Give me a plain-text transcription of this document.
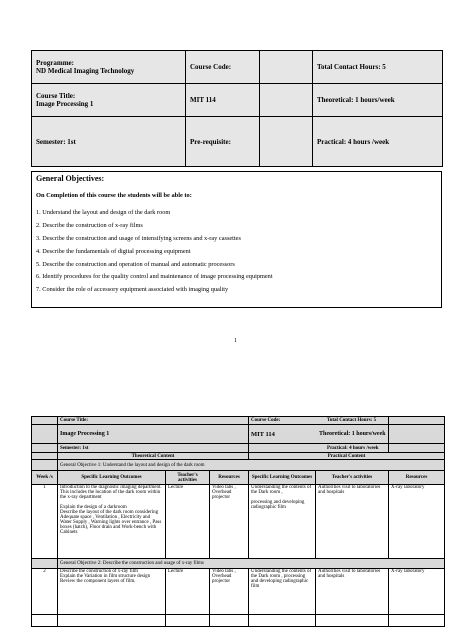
Programme:
ND Medical Imaging Technology	Course Code:		Total Contact Hours: 5

Course Title:
Image Processing 1	MIT 114		Theoretical: 1 hours/week
Semester: 1st	Pre-requisite:		Practical: 4 hours /week
General Objectives:
On Completion of this course the students will be able to:
1. Understand the layout and design of the dark room
2. Describe the construction of x-ray films
3. Describe the construction and usage of intensifying screens and x-ray cassettes
4. Describe the fundamentals of digital processing equipment
5. Describe the construction and operation of manual and automatic processors
6. Identify procedures for the quality control and maintenance of image processing equipment
7. Consider the role of accessory equipment associated with imaging quality
1
	Course Title:			Course Code:		Total Contact Hours: 5
	Image Processing 1			MIT 114		Theoretical: 1 hours/week
	Semester: 1st					Practical: 4 hours /week
	Theoretical Content			Practical Content		
	General Objective 1: Understand the layout and design of the dark room					
Week /s	Specific Learning Outcomes	Teacher's activities	Resources	Specific Learning Outcomes	Teacher's activities	Resources
1	Introduction to the diagnostic imaging department. This includes the location of the dark room within the x-ray department

Explain the design of a darkroom
Describe the layout of the dark room considering Adequate space , Ventilation , Electricity and Water Supply , Warning lights over entrance , Pass boxes (hatch), Floor drain and Work-bench with Cabinets	Lecture	Video tabs , Overhead projector	Understanding the contents of the Dark room ,

processing and developing radiographic film	Authorities visit to laboratories and hospitals	X-ray laboratory
	General Objective 2: Describe the construction and usage of x-ray films					
2	Describe the construction of x-ray film
Explain the Variation in film structure design
Review the component layers of film.	Lecture	Video tabs , Overhead projector	Understanding the contents of the Dark room , processing and developing radiographic film	Authorities visit to laboratories and hospitals	X-ray laboratory
